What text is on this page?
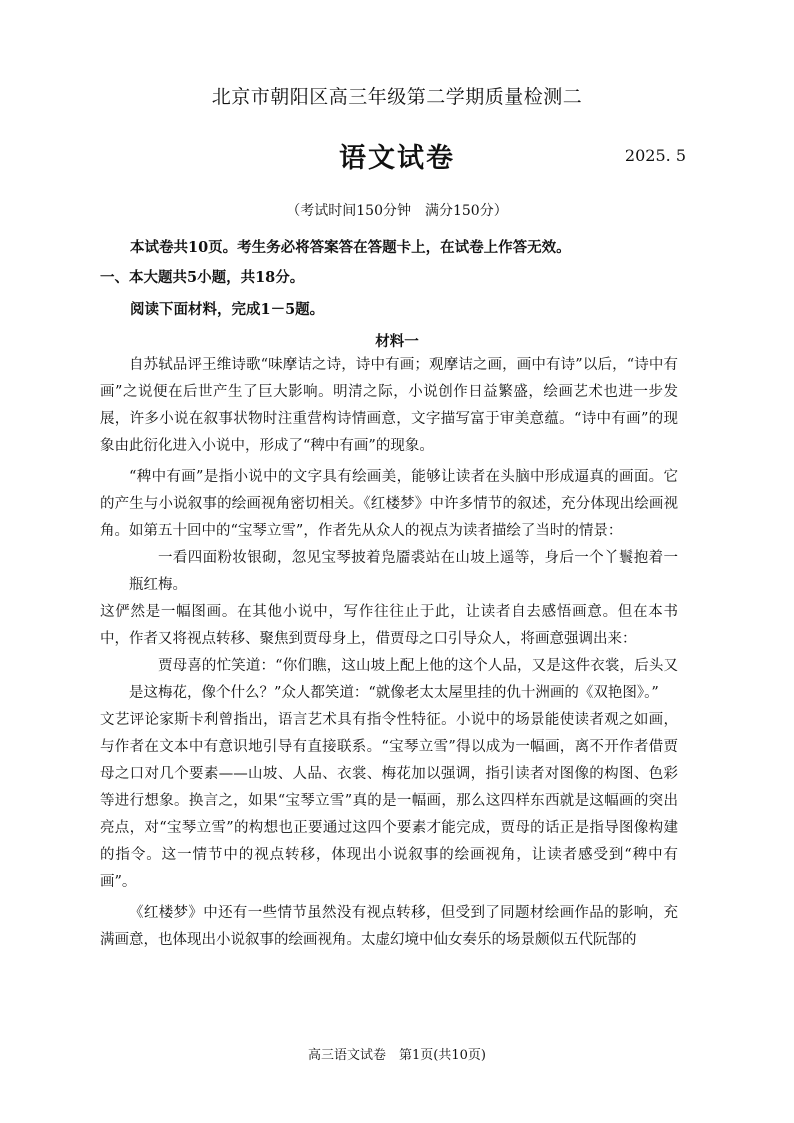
北京市朝阳区高三年级第二学期质量检测二
语文试卷	2025. 5
（考试时间150分钟　满分150分）
本试卷共10页。考生务必将答案答在答题卡上，在试卷上作答无效。
一、本大题共5小题，共18分。
阅读下面材料，完成1－5题。
材料一

自苏轼品评王维诗歌“味摩诘之诗，诗中有画；观摩诘之画，画中有诗”以后，“诗中有画”之说便在后世产生了巨大影响。明清之际，小说创作日益繁盛，绘画艺术也进一步发展，许多小说在叙事状物时注重营构诗情画意，文字描写富于审美意蕴。“诗中有画”的现象由此衍化进入小说中，形成了“稗中有画”的现象。

“稗中有画”是指小说中的文字具有绘画美，能够让读者在头脑中形成逼真的画面。它的产生与小说叙事的绘画视角密切相关。《红楼梦》中许多情节的叙述，充分体现出绘画视角。如第五十回中的“宝琴立雪”，作者先从众人的视点为读者描绘了当时的情景：

一看四面粉妆银砌，忽见宝琴披着凫靥裘站在山坡上遥等，身后一个丫鬟抱着一瓶红梅。

这俨然是一幅图画。在其他小说中，写作往往止于此，让读者自去感悟画意。但在本书中，作者又将视点转移、聚焦到贾母身上，借贾母之口引导众人，将画意强调出来：

贾母喜的忙笑道：“你们瞧，这山坡上配上他的这个人品，又是这件衣裳，后头又是这梅花，像个什么？”众人都笑道：“就像老太太屋里挂的仇十洲画的《双艳图》。”

文艺评论家斯卡利曾指出，语言艺术具有指令性特征。小说中的场景能使读者观之如画，与作者在文本中有意识地引导有直接联系。“宝琴立雪”得以成为一幅画，离不开作者借贾母之口对几个要素——山坡、人品、衣裳、梅花加以强调，指引读者对图像的构图、色彩等进行想象。换言之，如果“宝琴立雪”真的是一幅画，那么这四样东西就是这幅画的突出亮点，对“宝琴立雪”的构想也正要通过这四个要素才能完成，贾母的话正是指导图像构建的指令。这一情节中的视点转移，体现出小说叙事的绘画视角，让读者感受到“稗中有画”。

《红楼梦》中还有一些情节虽然没有视点转移，但受到了同题材绘画作品的影响，充满画意，也体现出小说叙事的绘画视角。太虚幻境中仙女奏乐的场景颇似五代阮郜的

高三语文试卷　第1页(共10页)
